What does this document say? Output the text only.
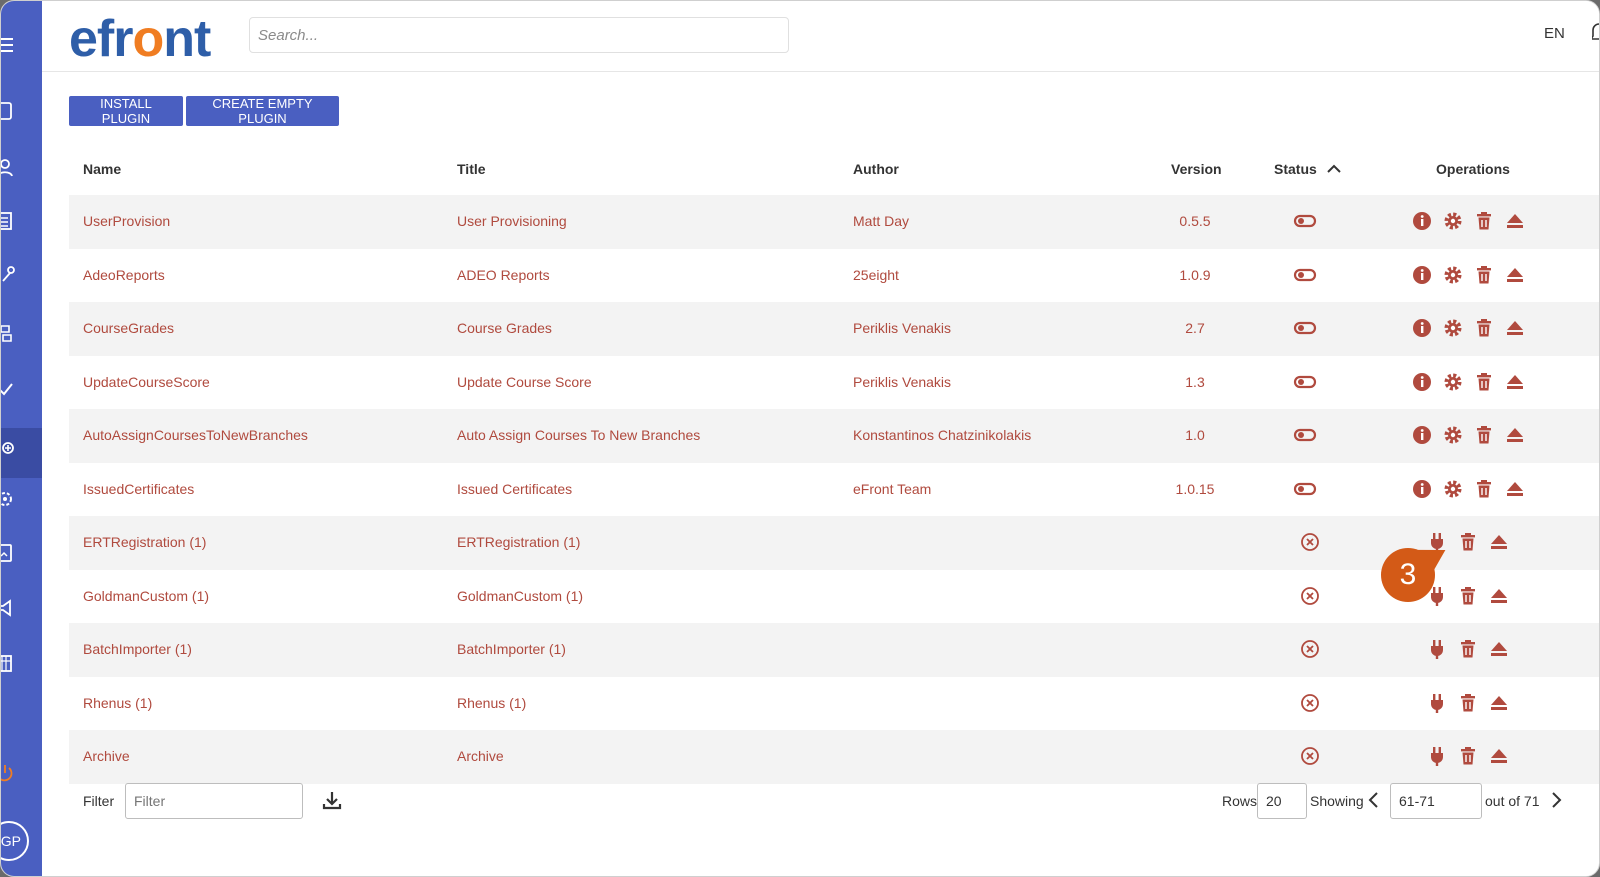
GP
efront
Search...	EN
INSTALL PLUGIN
CREATE EMPTY PLUGIN
Name	Title	Author	Version	Status	Operations
UserProvision	User Provisioning	Matt Day	0.5.5
AdeoReports	ADEO Reports	25eight	1.0.9
CourseGrades	Course Grades	Periklis Venakis	2.7
UpdateCourseScore	Update Course Score	Periklis Venakis	1.3
AutoAssignCoursesToNewBranches	Auto Assign Courses To New Branches	Konstantinos Chatzinikolakis	1.0
IssuedCertificates	Issued Certificates	eFront Team	1.0.15
ERTRegistration (1)	ERTRegistration (1)
GoldmanCustom (1)	GoldmanCustom (1)
BatchImporter (1)	BatchImporter (1)
Rhenus (1)	Rhenus (1)
Archive	Archive
3
Filter
Filter	Rows 20	Showing	61-71	out of 71
